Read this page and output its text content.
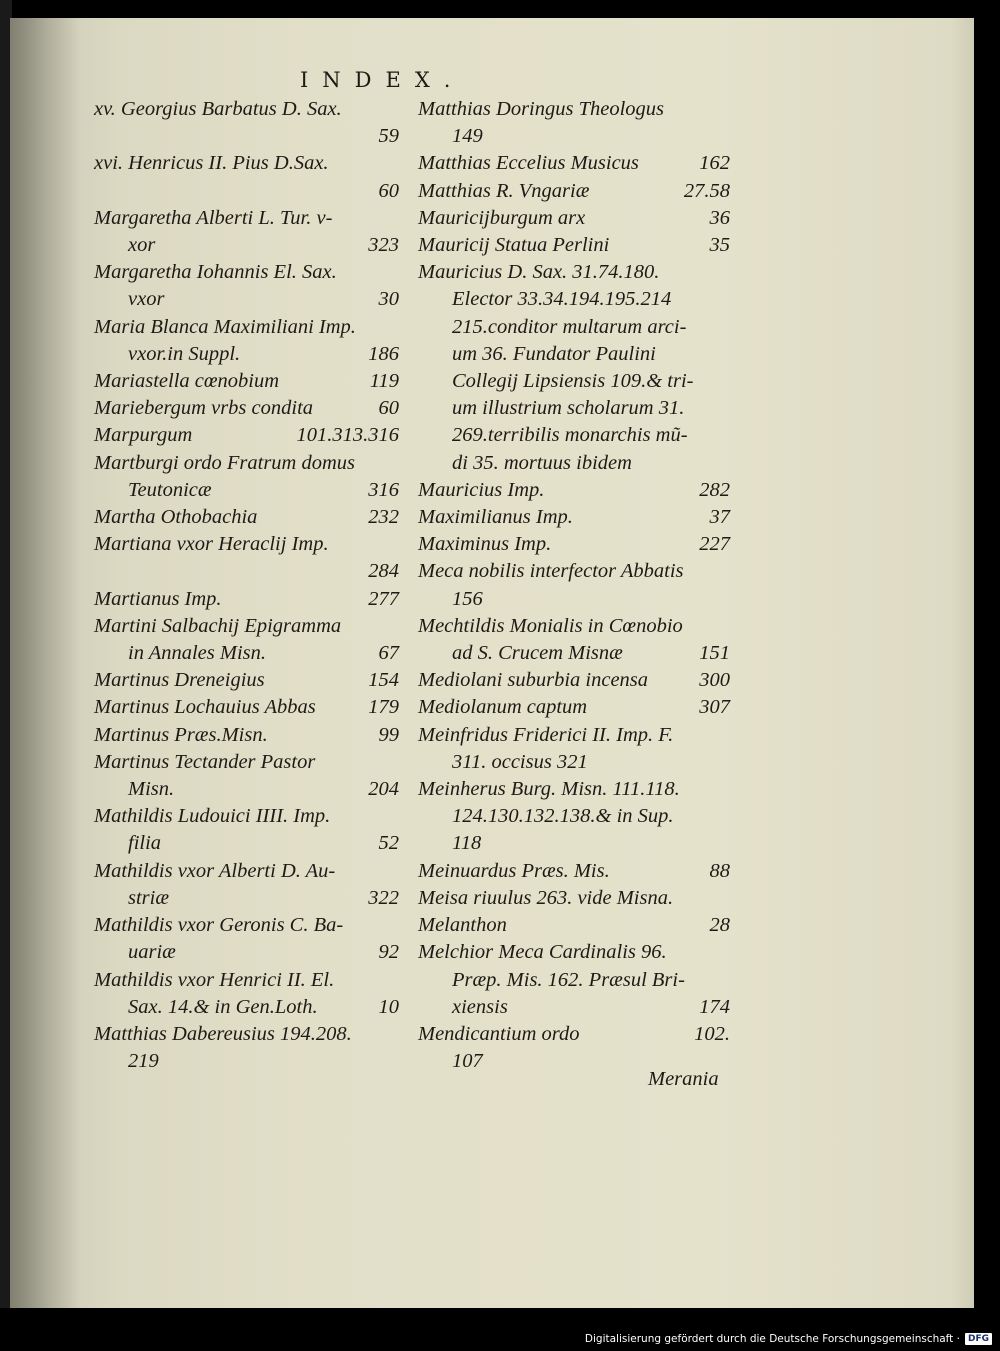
INDEX.
xv. Georgius Barbatus D. Sax.
59
xvi. Henricus II. Pius D.Sax.
60
Margaretha Alberti L. Tur. v-
xor	323
Margaretha Iohannis El. Sax.
vxor	30
Maria Blanca Maximiliani Imp.
vxor.in Suppl.	186
Mariastella cœnobium	119
Mariebergum vrbs condita	60
Marpurgum	101.313.316
Martburgi ordo Fratrum domus
Teutonicæ	316
Martha Othobachia	232
Martiana vxor Heraclij Imp.
284
Martianus Imp.	277
Martini Salbachij Epigramma
in Annales Misn.	67
Martinus Dreneigius	154
Martinus Lochauius Abbas	179
Martinus Præs.Misn.	99
Martinus Tectander Pastor
Misn.	204
Mathildis Ludouici IIII. Imp.
filia	52
Mathildis vxor Alberti D. Au-
striæ	322
Mathildis vxor Geronis C. Ba-
uariæ	92
Mathildis vxor Henrici II. El.
Sax. 14.& in Gen.Loth.	10
Matthias Dabereusius 194.208.
219
Matthias Doringus Theologus
149
Matthias Eccelius Musicus	162
Matthias R. Vngariæ	27.58
Mauricijburgum arx	36
Mauricij Statua Perlini	35
Mauricius D. Sax. 31.74.180.
Elector 33.34.194.195.214
215.conditor multarum arci-
um 36. Fundator Paulini
Collegij Lipsiensis 109.& tri-
um illustrium scholarum 31.
269.terribilis monarchis mũ-
di 35. mortuus ibidem
Mauricius Imp.	282
Maximilianus Imp.	37
Maximinus Imp.	227
Meca nobilis interfector Abbatis
156
Mechtildis Monialis in Cœnobio
ad S. Crucem Misnæ	151
Mediolani suburbia incensa 300
Mediolanum captum	307
Meinfridus Friderici II. Imp. F.
311. occisus 321
Meinherus Burg. Misn. 111.118.
124.130.132.138.& in Sup.
118
Meinuardus Præs. Mis.	88
Meisa riuulus 263. vide Misna.
Melanthon	28
Melchior Meca Cardinalis 96.
Præp. Mis. 162. Præsul Bri-
xiensis	174
Mendicantium ordo	102.
107
Merania
Digitalisierung gefördert durch die Deutsche Forschungsgemeinschaft · DFG
